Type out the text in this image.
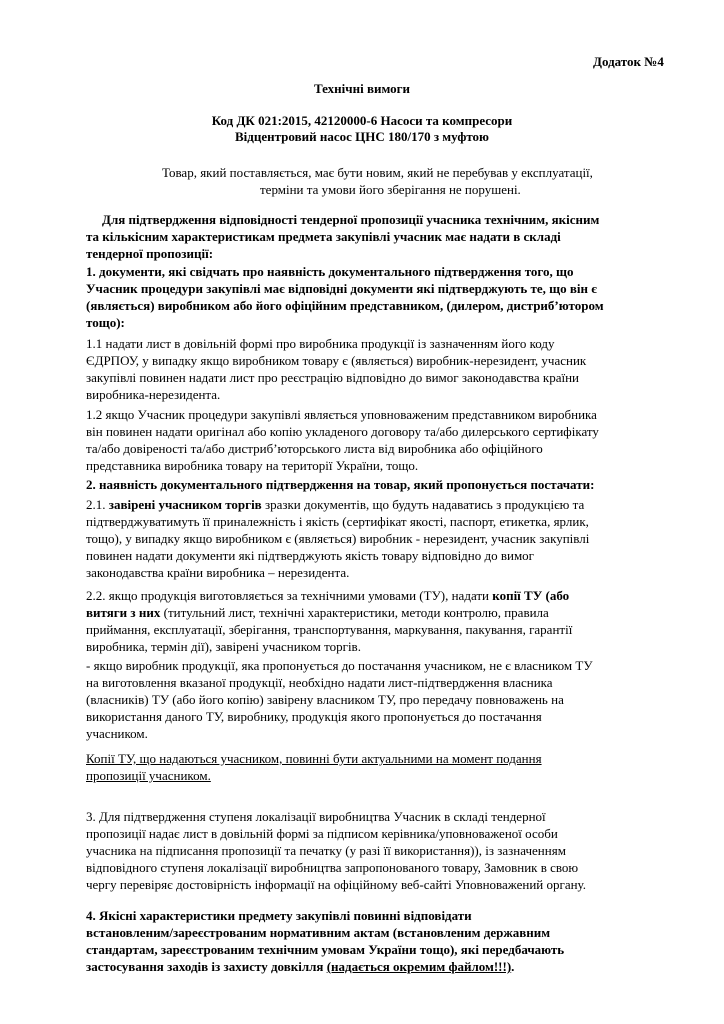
Додаток №4
Технічні вимоги
Код ДК 021:2015, 42120000-6 Насоси та компресори
Відцентровий насос ЦНС 180/170 з муфтою
Товар, який поставляється, має бути новим, який не перебував у експлуатації,
терміни та умови його зберігання не порушені.
Для підтвердження відповідності тендерної пропозиції учасника технічним, якісним
та кількісним характеристикам предмета закупівлі учасник має надати в складі
тендерної пропозиції:
1. документи, які свідчать про наявність документального підтвердження того, що
Учасник процедури закупівлі має відповідні документи які підтверджують те, що він є
(являється) виробником або його офіційним представником, (дилером, дистриб’ютором
тощо):
1.1 надати лист в довільній формі про виробника продукції із зазначенням його коду
ЄДРПОУ, у випадку якщо виробником товару є (являється) виробник-нерезидент, учасник
закупівлі повинен надати лист про реєстрацію відповідно до вимог законодавства країни
виробника-нерезидента.
1.2 якщо Учасник процедури закупівлі являється уповноваженим представником виробника
він повинен надати оригінал або копію укладеного договору та/або дилерського сертифікату
та/або довіреності та/або дистриб’юторського листа від виробника або офіційного
представника виробника товару на території України, тощо.
2. наявність документального підтвердження на товар, який пропонується постачати:
2.1. завірені учасником торгів зразки документів, що будуть надаватись з продукцією та
підтверджуватимуть її приналежність і якість (сертифікат якості, паспорт, етикетка, ярлик,
тощо), у випадку якщо виробником є (являється) виробник - нерезидент, учасник закупівлі
повинен надати документи які підтверджують якість товару відповідно до вимог
законодавства країни виробника – нерезидента.
2.2. якщо продукція виготовляється за технічними умовами (ТУ), надати копії ТУ (або
витяги з них (титульний лист, технічні характеристики, методи контролю, правила
приймання, експлуатації, зберігання, транспортування, маркування, пакування, гарантії
виробника, термін дії), завірені учасником торгів.
- якщо виробник продукції, яка пропонується до постачання учасником, не є власником ТУ
на виготовлення вказаної продукції, необхідно надати лист-підтвердження власника
(власників) ТУ (або його копію) завірену власником ТУ, про передачу повноважень на
використання даного ТУ, виробнику, продукція якого пропонується до постачання
учасником.
Копії ТУ, що надаються учасником, повинні бути актуальними на момент подання
пропозиції учасником.
3. Для підтвердження ступеня локалізації виробництва Учасник в складі тендерної
пропозиції надає лист в довільній формі за підписом керівника/уповноваженої особи
учасника на підписання пропозиції та печатку (у разі її використання)), із зазначенням
відповідного ступеня локалізації виробництва запропонованого товару, Замовник в свою
чергу перевіряє достовірність інформації на офіційному веб-сайті Уповноважений органу.
4. Якісні характеристики предмету закупівлі повинні відповідати
встановленим/зареєстрованим нормативним актам (встановленим державним
стандартам, зареєстрованим технічним умовам України тощо), які передбачають
застосування заходів із захисту довкілля (надається окремим файлом!!!).
